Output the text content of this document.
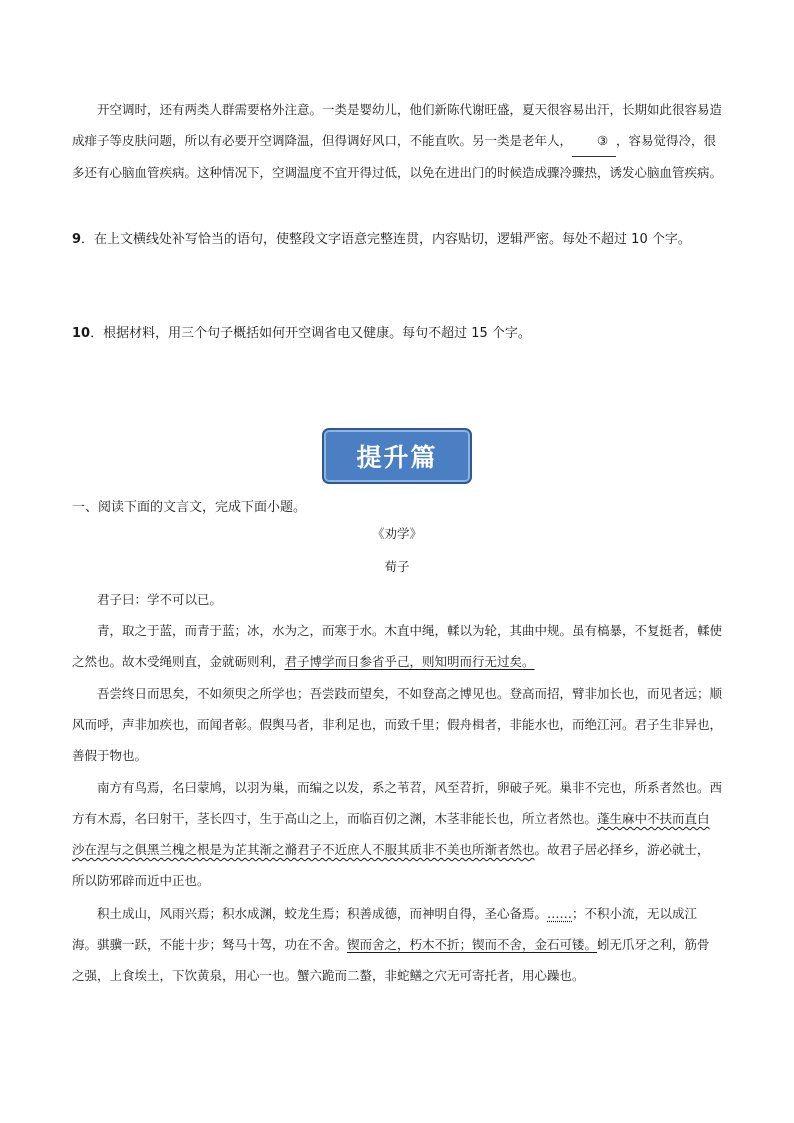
开空调时，还有两类人群需要格外注意。一类是婴幼儿，他们新陈代谢旺盛，夏天很容易出汗，长期如此很容易造成痱子等皮肤问题，所以有必要开空调降温，但得调好风口，不能直吹。另一类是老年人， ③ ，容易觉得冷，很多还有心脑血管疾病。这种情况下，空调温度不宜开得过低，以免在进出门的时候造成骤冷骤热，诱发心脑血管疾病。
9．在上文横线处补写恰当的语句，使整段文字语意完整连贯，内容贴切，逻辑严密。每处不超过 10 个字。
10．根据材料，用三个句子概括如何开空调省电又健康。每句不超过 15 个字。
提升篇
一、阅读下面的文言文，完成下面小题。
《劝学》
荀子
君子曰：学不可以已。
青，取之于蓝，而青于蓝；冰，水为之，而寒于水。木直中绳，輮以为轮，其曲中规。虽有槁暴，不复挺者，輮使之然也。故木受绳则直，金就砺则利，君子博学而日参省乎己，则知明而行无过矣。
吾尝终日而思矣，不如须臾之所学也；吾尝跂而望矣，不如登高之博见也。登高而招，臂非加长也，而见者远；顺风而呼，声非加疾也，而闻者彰。假舆马者，非利足也，而致千里；假舟楫者，非能水也，而绝江河。君子生非异也，善假于物也。
南方有鸟焉，名曰蒙鸠，以羽为巢，而编之以发，系之苇苕，风至苕折，卵破子死。巢非不完也，所系者然也。西方有木焉，名曰射干，茎长四寸，生于高山之上，而临百仞之渊，木茎非能长也，所立者然也。蓬生麻中不扶而直白沙在涅与之俱黑兰槐之根是为芷其渐之滫君子不近庶人不服其质非不美也所渐者然也。故君子居必择乡，游必就士，所以防邪辟而近中正也。
积土成山，风雨兴焉；积水成渊，蛟龙生焉；积善成德，而神明自得，圣心备焉。……；不积小流，无以成江海。骐骥一跃，不能十步；驽马十驾，功在不舍。锲而舍之，朽木不折；锲而不舍，金石可镂。蚓无爪牙之利，筋骨之强，上食埃土，下饮黄泉，用心一也。蟹六跪而二螯，非蛇鳝之穴无可寄托者，用心躁也。
